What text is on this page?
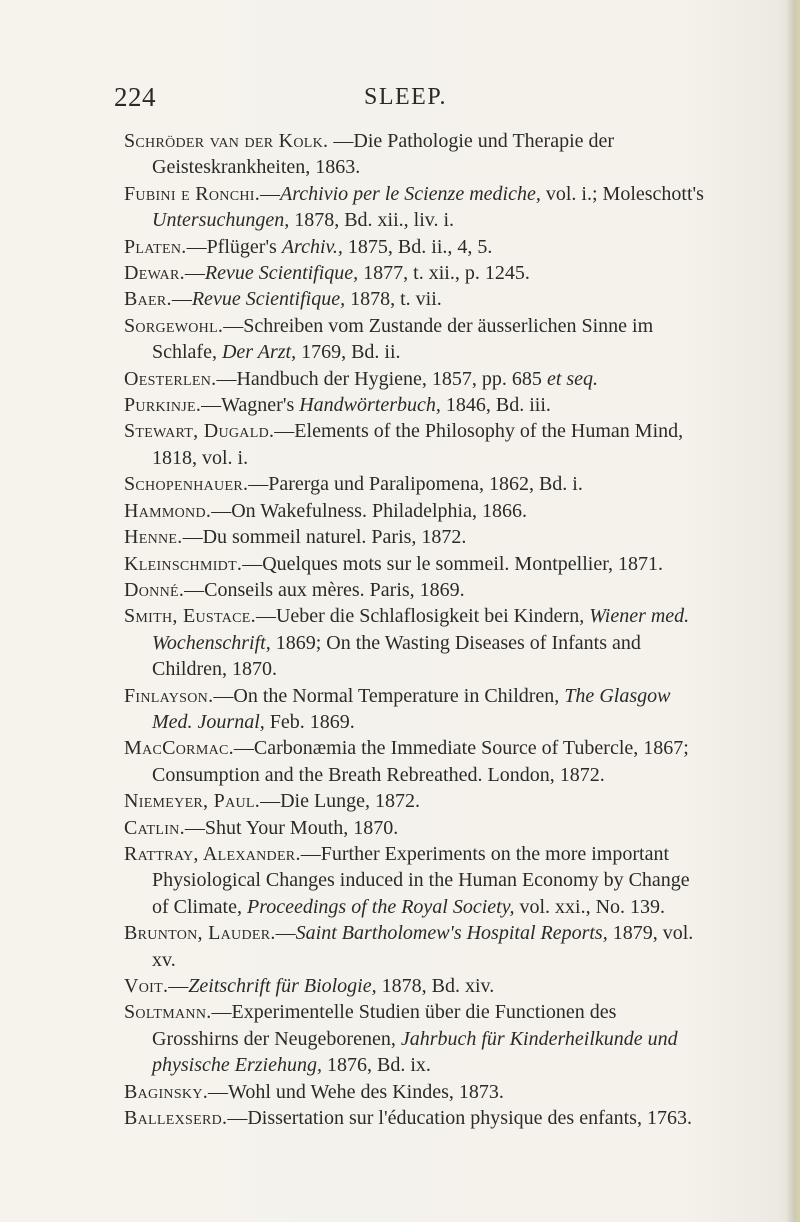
224	SLEEP.
Schröder van der Kolk. —Die Pathologie und Therapie der Geisteskrankheiten, 1863.
Fubini e Ronchi.—Archivio per le Scienze mediche, vol. i.; Moleschott's Untersuchungen, 1878, Bd. xii., liv. i.
Platen.—Pflüger's Archiv., 1875, Bd. ii., 4, 5.
Dewar.—Revue Scientifique, 1877, t. xii., p. 1245.
Baer.—Revue Scientifique, 1878, t. vii.
Sorgewohl.—Schreiben vom Zustande der äusserlichen Sinne im Schlafe, Der Arzt, 1769, Bd. ii.
Oesterlen.—Handbuch der Hygiene, 1857, pp. 685 et seq.
Purkinje.—Wagner's Handwörterbuch, 1846, Bd. iii.
Stewart, Dugald.—Elements of the Philosophy of the Human Mind, 1818, vol. i.
Schopenhauer.—Parerga und Paralipomena, 1862, Bd. i.
Hammond.—On Wakefulness. Philadelphia, 1866.
Henne.—Du sommeil naturel. Paris, 1872.
Kleinschmidt.—Quelques mots sur le sommeil. Montpellier, 1871.
Donné.—Conseils aux mères. Paris, 1869.
Smith, Eustace.—Ueber die Schlaflosigkeit bei Kindern, Wiener med. Wochenschrift, 1869; On the Wasting Diseases of Infants and Children, 1870.
Finlayson.—On the Normal Temperature in Children, The Glasgow Med. Journal, Feb. 1869.
MacCormac.—Carbonæmia the Immediate Source of Tubercle, 1867; Consumption and the Breath Rebreathed. London, 1872.
Niemeyer, Paul.—Die Lunge, 1872.
Catlin.—Shut Your Mouth, 1870.
Rattray, Alexander.—Further Experiments on the more important Physiological Changes induced in the Human Economy by Change of Climate, Proceedings of the Royal Society, vol. xxi., No. 139.
Brunton, Lauder.—Saint Bartholomew's Hospital Reports, 1879, vol. xv.
Voit.—Zeitschrift für Biologie, 1878, Bd. xiv.
Soltmann.—Experimentelle Studien über die Functionen des Grosshirns der Neugeborenen, Jahrbuch für Kinderheilkunde und physische Erziehung, 1876, Bd. ix.
Baginsky.—Wohl und Wehe des Kindes, 1873.
Ballexserd.—Dissertation sur l'éducation physique des enfants, 1763.
